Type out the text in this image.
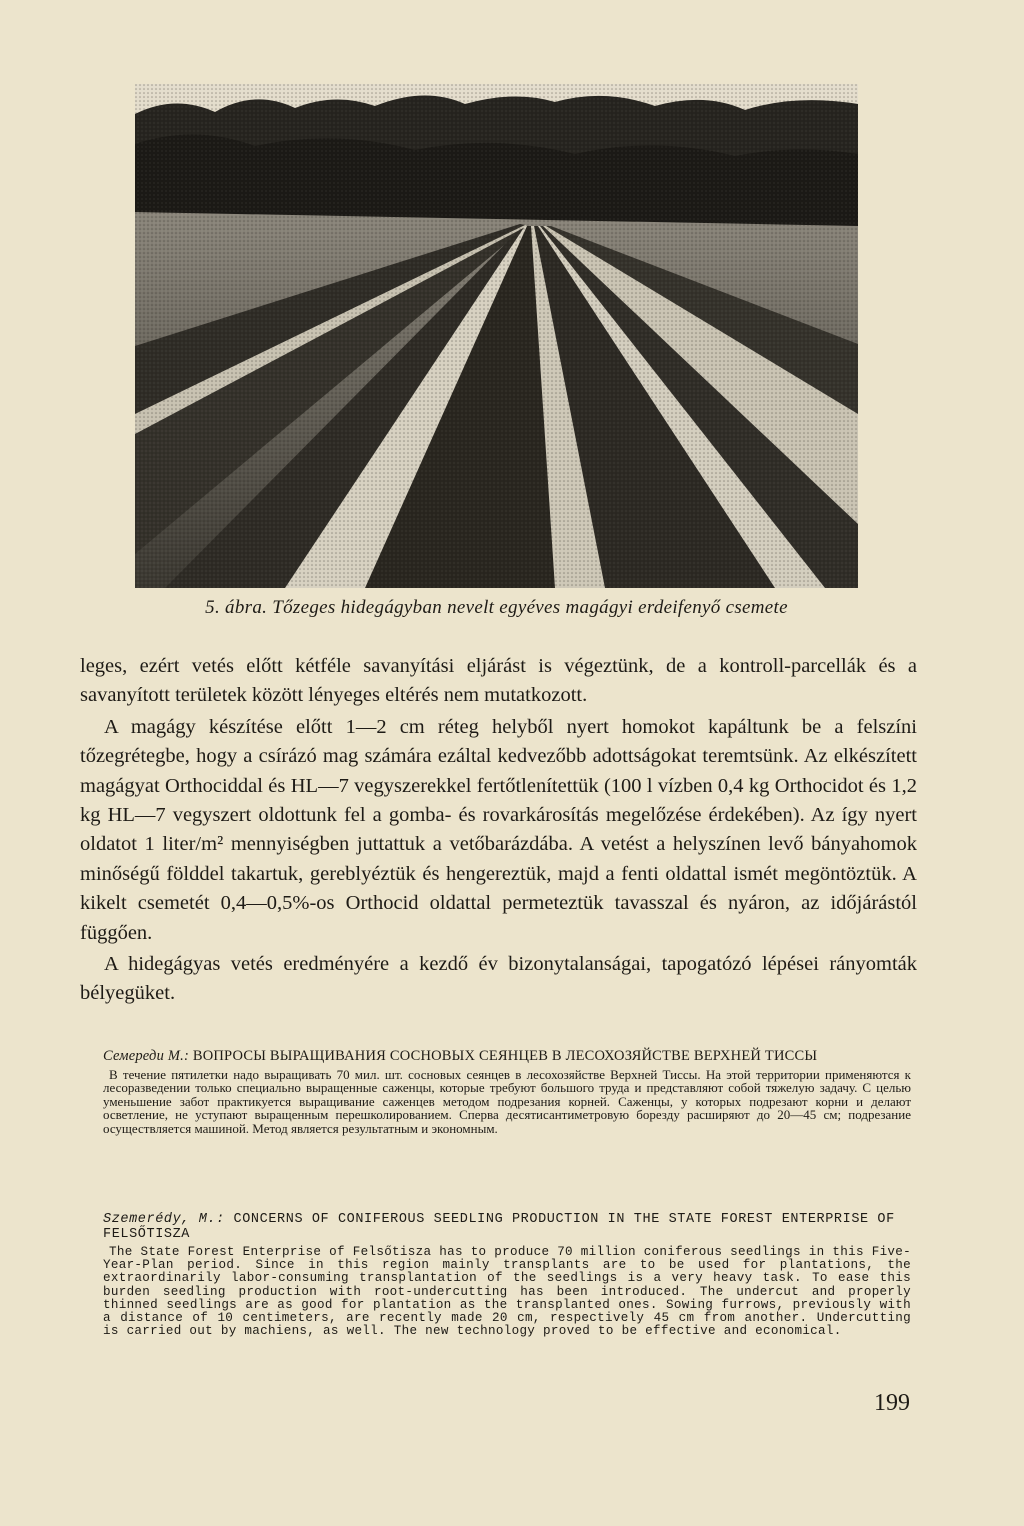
5. ábra. Tőzeges hidegágyban nevelt egyéves magágyi erdeifenyő csemete

leges, ezért vetés előtt kétféle savanyítási eljárást is végeztünk, de a kontroll-parcellák és a savanyított területek között lényeges eltérés nem mutatkozott.

A magágy készítése előtt 1—2 cm réteg helyből nyert homokot kapáltunk be a felszíni tőzegrétegbe, hogy a csírázó mag számára ezáltal kedvezőbb adottságokat teremtsünk. Az elkészített magágyat Orthociddal és HL—7 vegyszerekkel fertőtlenítettük (100 l vízben 0,4 kg Orthocidot és 1,2 kg HL—7 vegyszert oldottunk fel a gomba- és rovarkárosítás megelőzése érdekében). Az így nyert oldatot 1 liter/m² mennyiségben juttattuk a vetőbarázdába. A vetést a helyszínen levő bányahomok minőségű földdel takartuk, gereblyéztük és hengereztük, majd a fenti oldattal ismét megöntöztük. A kikelt csemetét 0,4—0,5%-os Orthocid oldattal permeteztük tavasszal és nyáron, az időjárástól függően.

A hidegágyas vetés eredményére a kezdő év bizonytalanságai, tapogatózó lépései rányomták bélyegüket.

Семереди М.: ВОПРОСЫ ВЫРАЩИВАНИЯ СОСНОВЫХ СЕЯНЦЕВ В ЛЕСОХОЗЯЙСТВЕ ВЕРХНЕЙ ТИССЫ
В течение пятилетки надо выращивать 70 мил. шт. сосновых сеянцев в лесохозяйстве Верхней Тиссы. На этой территории применяются к лесоразведении только специально выращенные саженцы, которые требуют большого труда и представляют собой тяжелую задачу. С целью уменьшение забот практикуется выращивание саженцев методом подрезания корней. Саженцы, у которых подрезают корни и делают осветление, не уступают выращенным перешколированием. Сперва десятисантиметровую борезду расширяют до 20—45 см; подрезание осуществляется машиной. Метод является результатным и экономным.
Szemerédy, M.: CONCERNS OF CONIFEROUS SEEDLING PRODUCTION IN THE STATE FOREST ENTERPRISE OF FELSŐTISZA
The State Forest Enterprise of Felsőtisza has to produce 70 million coniferous seedlings in this Five-Year-Plan period. Since in this region mainly transplants are to be used for plantations, the extraordinarily labor-consuming transplantation of the seedlings is a very heavy task. To ease this burden seedling production with root-undercutting has been introduced. The undercut and properly thinned seedlings are as good for plantation as the transplanted ones. Sowing furrows, previously with a distance of 10 centimeters, are recently made 20 cm, respectively 45 cm from another. Undercutting is carried out by machiens, as well. The new technology proved to be effective and economical.
199
